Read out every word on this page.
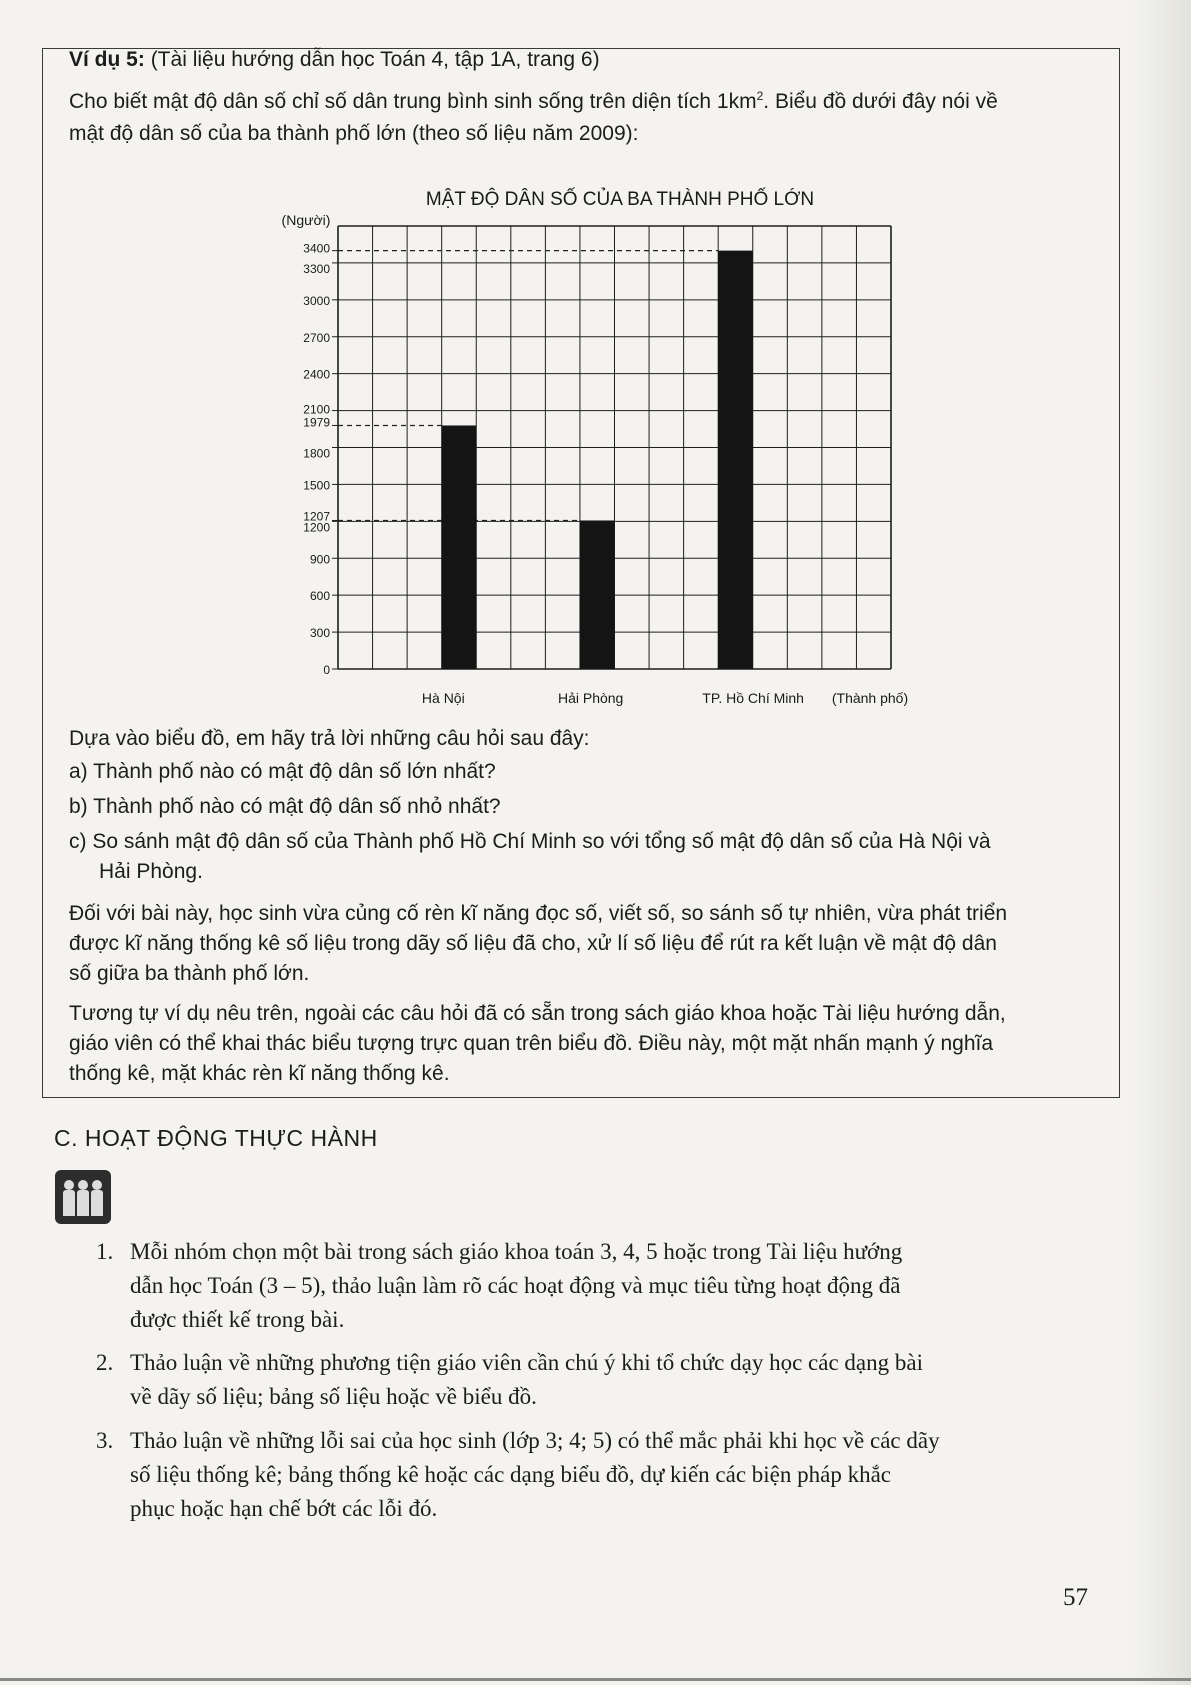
Ví dụ 5: (Tài liệu hướng dẫn học Toán 4, tập 1A, trang 6)
Cho biết mật độ dân số chỉ số dân trung bình sinh sống trên diện tích $1km^2$. Biểu đồ dưới đây nói về
mật độ dân số của ba thành phố lớn (theo số liệu năm 2009):
Dựa vào biểu đồ, em hãy trả lời những câu hỏi sau đây:
a) Thành phố nào có mật độ dân số lớn nhất?
b) Thành phố nào có mật độ dân số nhỏ nhất?
c) So sánh mật độ dân số của Thành phố Hồ Chí Minh so với tổng số mật độ dân số của Hà Nội và
Hải Phòng.
Đối với bài này, học sinh vừa củng cố rèn kĩ năng đọc số, viết số, so sánh số tự nhiên, vừa phát triển
được kĩ năng thống kê số liệu trong dãy số liệu đã cho, xử lí số liệu để rút ra kết luận về mật độ dân
số giữa ba thành phố lớn.
Tương tự ví dụ nêu trên, ngoài các câu hỏi đã có sẵn trong sách giáo khoa hoặc Tài liệu hướng dẫn,
giáo viên có thể khai thác biểu tượng trực quan trên biểu đồ. Điều này, một mặt nhấn mạnh ý nghĩa
thống kê, mặt khác rèn kĩ năng thống kê.
MẬT ĐỘ DÂN SỐ CỦA BA THÀNH PHỐ LỚN
(Người)
(Thành phố)
0
300
600
900
1200
1207
1500
1800
1979
2100
2400
2700
3000
3300
3400
Hà Nội	Hải Phòng	TP. Hồ Chí Minh
C. HOẠT ĐỘNG THỰC HÀNH
1. Mỗi nhóm chọn một bài trong sách giáo khoa toán 3, 4, 5 hoặc trong Tài liệu hướng
dẫn học Toán (3 – 5), thảo luận làm rõ các hoạt động và mục tiêu từng hoạt động đã
được thiết kế trong bài.
2. Thảo luận về những phương tiện giáo viên cần chú ý khi tổ chức dạy học các dạng bài
về dãy số liệu; bảng số liệu hoặc về biểu đồ.
3. Thảo luận về những lỗi sai của học sinh (lớp 3; 4; 5) có thể mắc phải khi học về các dãy
số liệu thống kê; bảng thống kê hoặc các dạng biểu đồ, dự kiến các biện pháp khắc
phục hoặc hạn chế bớt các lỗi đó.
57
